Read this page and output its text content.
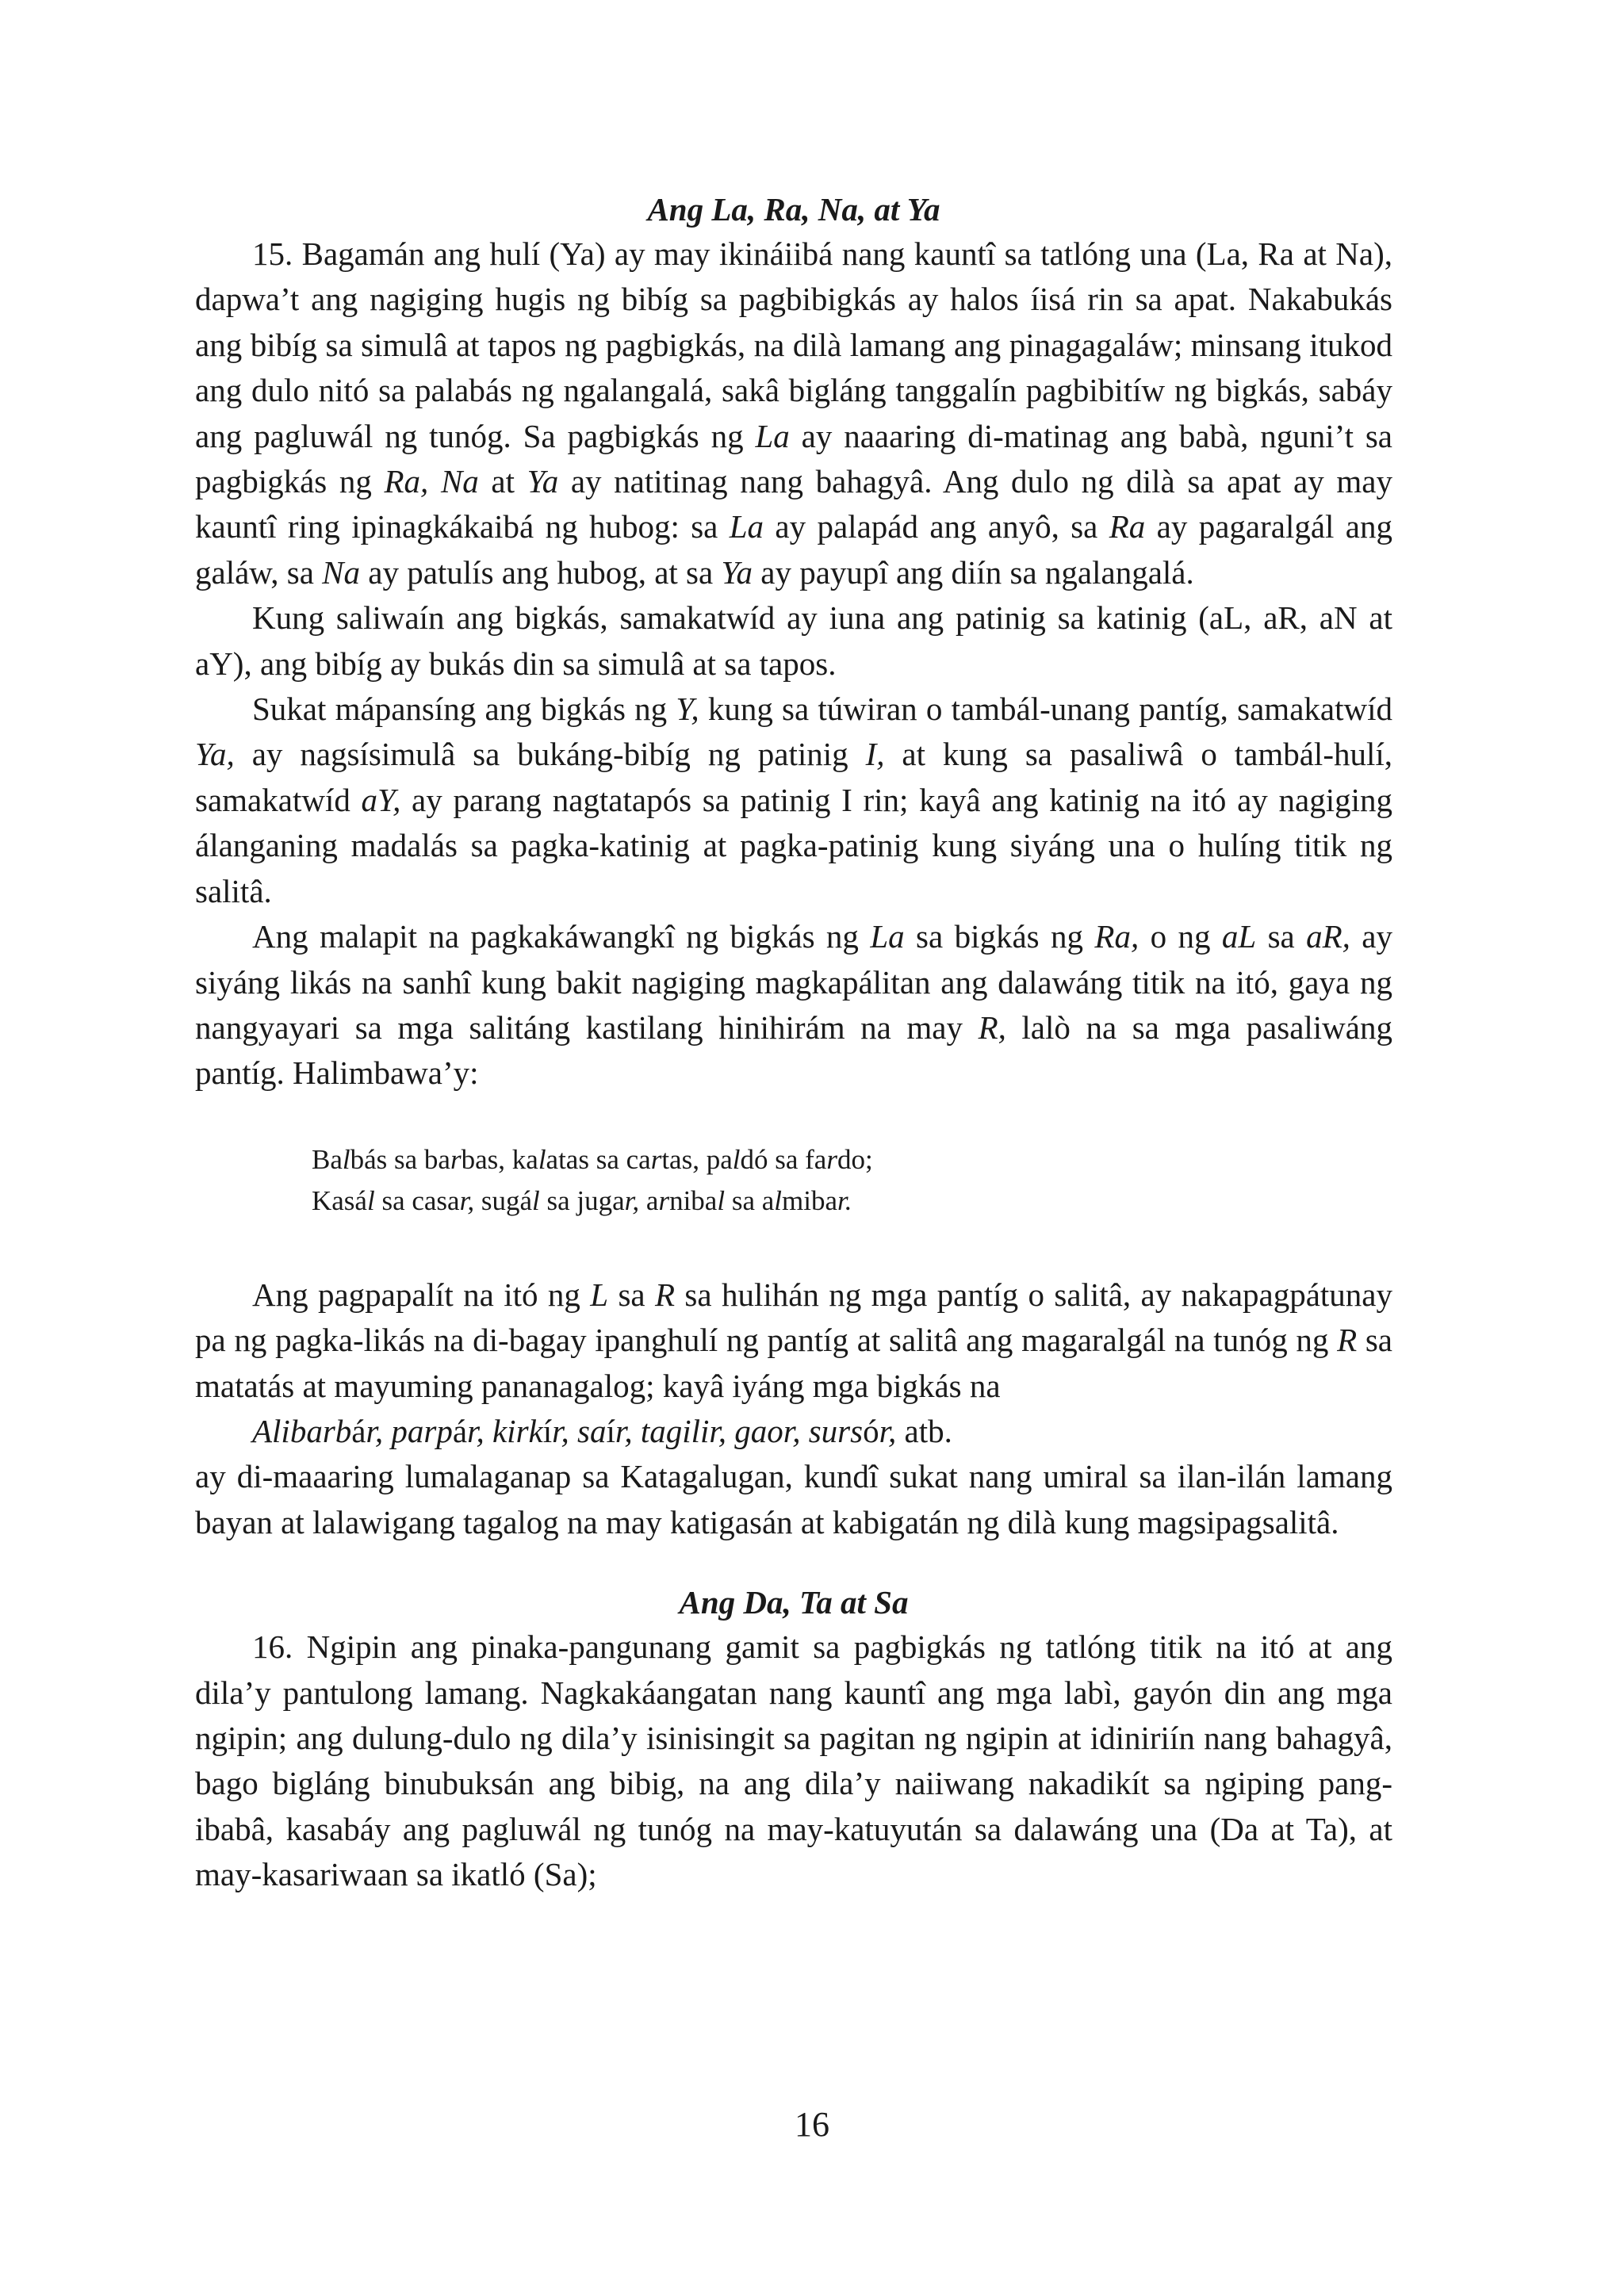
Ang La, Ra, Na, at Ya

15. Bagamán ang hulí (Ya) ay may ikináiibá nang kauntî sa tatlóng una (La, Ra at Na), dapwa’t ang nagiging hugis ng bibíg sa pagbibigkás ay halos íisá rin sa apat. Nakabukás ang bibíg sa simulâ at tapos ng pagbigkás, na dilà lamang ang pinagagaláw; minsang itukod ang dulo nitó sa palabás ng ngalangalá, sakâ bigláng tanggalín pagbibitíw ng bigkás, sabáy ang pagluwál ng tunóg. Sa pagbigkás ng La ay naaaring di-matinag ang babà, nguni’t sa pagbigkás ng Ra, Na at Ya ay natitinag nang bahagyâ. Ang dulo ng dilà sa apat ay may kauntî ring ipinagkákaibá ng hubog: sa La ay palapád ang anyô, sa Ra ay pagaralgál ang galáw, sa Na ay patulís ang hubog, at sa Ya ay payupî ang diín sa ngalangalá.

Kung saliwaín ang bigkás, samakatwíd ay iuna ang patinig sa katinig (aL, aR, aN at aY), ang bibíg ay bukás din sa simulâ at sa tapos.

Sukat mápansíng ang bigkás ng Y, kung sa túwiran o tambál-unang pantíg, samakatwíd Ya, ay nagsísimulâ sa bukáng-bibíg ng patinig I, at kung sa pasaliwâ o tambál-hulí, samakatwíd aY, ay parang nagtatapós sa patinig I rin; kayâ ang katinig na itó ay nagiging álanganing madalás sa pagka-katinig at pagka-patinig kung siyáng una o hulíng titik ng salitâ.

Ang malapit na pagkakáwangkî ng bigkás ng La sa bigkás ng Ra, o ng aL sa aR, ay siyáng likás na sanhî kung bakit nagiging magkapálitan ang dalawáng titik na itó, gaya ng nangyayari sa mga salitáng kastilang hinihirám na may R, lalò na sa mga pasaliwáng pantíg. Halimbawa’y:

Balbás sa barbas, kalatas sa cartas, paldó sa fardo;
Kasál sa casar, sugál sa jugar, arnibal sa almibar.

Ang pagpapalít na itó ng L sa R sa hulihán ng mga pantíg o salitâ, ay nakapagpátunay pa ng pagka-likás na di-bagay ipanghulí ng pantíg at salitâ ang magaralgál na tunóg ng R sa matatás at mayuming pananagalog; kayâ iyáng mga bigkás na

Alibarbár, parpár, kirkír, saír, tagilir, gaor, sursór, atb.

ay di-maaaring lumalaganap sa Katagalugan, kundî sukat nang umiral sa ilan-ilán lamang bayan at lalawigang tagalog na may katigasán at kabigatán ng dilà kung magsipagsalitâ.

Ang Da, Ta at Sa

16. Ngipin ang pinaka-pangunang gamit sa pagbigkás ng tatlóng titik na itó at ang dila’y pantulong lamang. Nagkakáangatan nang kauntî ang mga labì, gayón din ang mga ngipin; ang dulung-dulo ng dila’y isinisingit sa pagitan ng ngipin at idiniriín nang bahagyâ, bago bigláng binubuksán ang bibig, na ang dila’y naiiwang nakadikít sa ngiping pang-ibabâ, kasabáy ang pagluwál ng tunóg na may-katuyután sa dalawáng una (Da at Ta), at may-kasariwaan sa ikatló (Sa);

16
